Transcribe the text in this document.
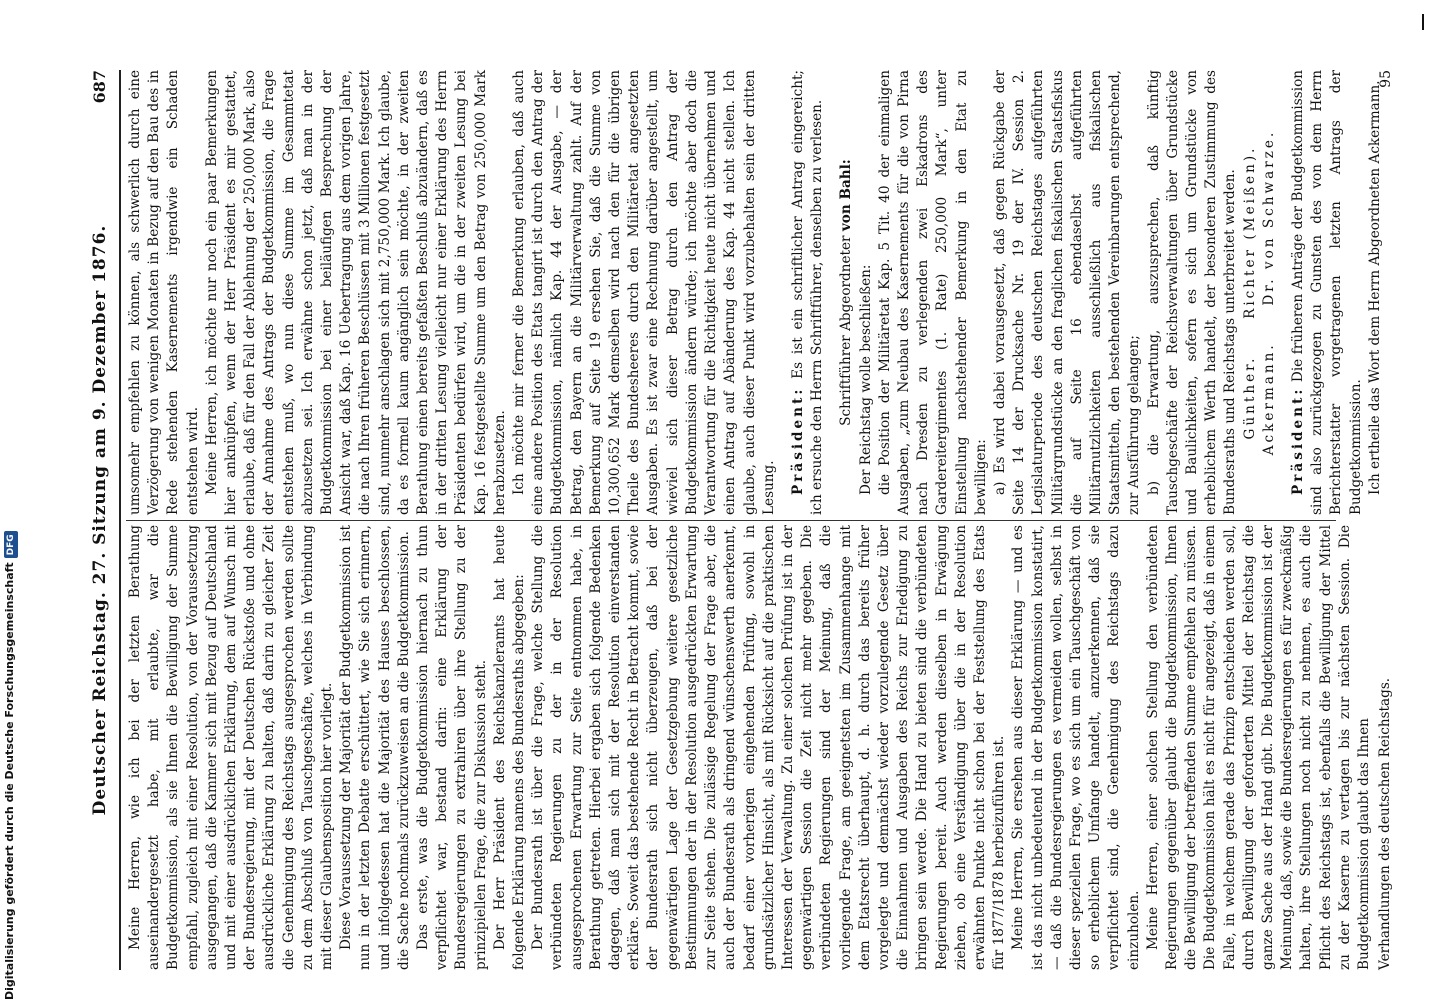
Digitalisierung gefördert durch die Deutsche ForschungsgemeinschaftDFG	Deutscher Reichstag. 27. Sitzung am 9. Dezember 1876.
687

Meine Herren, wie ich bei der letzten Berathung auseinandergesetzt habe, mit erlaubte, war die Budgetkommission, als sie Ihnen die Bewilligung der Summe empfahl, zugleich mit einer Resolution, von der Voraussetzung ausgegangen, daß die Kammer sich mit Bezug auf Deutschland und mit einer ausdrücklichen Erklärung, dem auf Wunsch mit der Bundesregierung, mit der Deutschen Rückstoße und ohne ausdrückliche Erklärung zu halten, daß darin zu gleicher Zeit die Genehmigung des Reichstags ausgesprochen werden sollte zu dem Abschluß von Tauschgeschäfte, welches in Verbindung mit dieser Glaubensposition hier vorliegt. Diese Voraussetzung der Majorität der Budgetkommission ist nun in der letzten Debatte erschüttert, wie Sie sich erinnern, und infolgedessen hat die Majorität des Hauses beschlossen, die Sache nochmals zurückzuweisen an die Budgetkommission. Das erste, was die Budgetkommission hiernach zu thun verpflichtet war, bestand darin: eine Erklärung der Bundesregierungen zu extrahiren über ihre Stellung zu der prinzipiellen Frage, die zur Diskussion steht. Der Herr Präsident des Reichskanzleramts hat heute folgende Erklärung namens des Bundesraths abgegeben: Der Bundesrath ist über die Frage, welche Stellung die verbündeten Regierungen zu der in der Resolution ausgesprochenen Erwartung zur Seite entnommen habe, in Berathung getreten. Hierbei ergaben sich folgende Bedenken dagegen, daß man sich mit der Resolution einverstanden erkläre. Soweit das bestehende Recht in Betracht kommt, sowie der Bundesrath sich nicht überzeugen, daß bei der gegenwärtigen Lage der Gesetzgebung weitere gesetzliche Bestimmungen der in der Resolution ausgedrückten Erwartung zur Seite stehen. Die zulässige Regelung der Frage aber, die auch der Bundesrath als dringend wünschenswerth anerkennt, bedarf einer vorherigen eingehenden Prüfung, sowohl in grundsätzlicher Hinsicht, als mit Rücksicht auf die praktischen Interessen der Verwaltung. Zu einer solchen Prüfung ist in der gegenwärtigen Session die Zeit nicht mehr gegeben. Die verbündeten Regierungen sind der Meinung, daß die vorliegende Frage, am geeignetsten im Zusammenhange mit dem Etatsrecht überhaupt, d. h. durch das bereits früher vorgelegte und demnächst wieder vorzulegende Gesetz über die Einnahmen und Ausgaben des Reichs zur Erledigung zu bringen sein werde. Die Hand zu bieten sind die verbündeten Regierungen bereit. Auch werden dieselben in Erwägung ziehen, ob eine Verständigung über die in der Resolution erwähnten Punkte nicht schon bei der Feststellung des Etats für 1877/1878 herbeizuführen ist. Meine Herren, Sie ersehen aus dieser Erklärung — und es ist das nicht unbedeutend in der Budgetkommission konstatirt, — daß die Bundesregierungen es vermeiden wollen, selbst in dieser speziellen Frage, wo es sich um ein Tauschgeschäft von so erheblichem Umfange handelt, anzuerkennen, daß sie verpflichtet sind, die Genehmigung des Reichstags dazu einzuholen. Meine Herren, einer solchen Stellung den verbündeten Regierungen gegenüber glaubt die Budgetkommission, Ihnen die Bewilligung der betreffenden Summe empfehlen zu müssen. Die Budgetkommission hält es nicht für angezeigt, daß in einem Falle, in welchem gerade das Prinzip entschieden werden soll, durch Bewilligung der geforderten Mittel der Reichstag die ganze Sache aus der Hand gibt. Die Budgetkommission ist der Meinung, daß, sowie die Bundesregierungen es für zweckmäßig halten, ihre Stellungen noch nicht zu nehmen, es auch die Pflicht des Reichstags ist, ebenfalls die Bewilligung der Mittel zu der Kaserne zu vertagen bis zur nächsten Session. Die Budgetkommission glaubt das Ihnen Verhandlungen des deutschen Reichstags.

umsomehr empfehlen zu können, als schwerlich durch eine Verzögerung von wenigen Monaten in Bezug auf den Bau des in Rede stehenden Kasernements irgendwie ein Schaden entstehen wird. Meine Herren, ich möchte nur noch ein paar Bemerkungen hier anknüpfen, wenn der Herr Präsident es mir gestattet, erlaube, daß für den Fall der Ablehnung der 250,000 Mark, also der Annahme des Antrags der Budgetkommission, die Frage entstehen muß, wo nun diese Summe im Gesammtetat abzusetzen sei. Ich erwähne schon jetzt, daß man in der Budgetkommission bei einer beiläufigen Besprechung der Ansicht war, daß Kap. 16 Uebertragung aus dem vorigen Jahre, die nach Ihren früheren Beschlüssen mit 3 Millionen festgesetzt sind, nunmehr anschlagen sich mit 2,750,000 Mark. Ich glaube, da es formell kaum angänglich sein möchte, in der zweiten Berathung einen bereits gefaßten Beschluß abzuändern, daß es in der dritten Lesung vielleicht nur einer Erklärung des Herrn Präsidenten bedürfen wird, um die in der zweiten Lesung bei Kap. 16 festgestellte Summe um den Betrag von 250,000 Mark herabzusetzen. Ich möchte mir ferner die Bemerkung erlauben, daß auch eine andere Position des Etats tangirt ist durch den Antrag der Budgetkommission, nämlich Kap. 44 der Ausgabe, — der Betrag, den Bayern an die Militärverwaltung zahlt. Auf der Bemerkung auf Seite 19 ersehen Sie, daß die Summe von 10,300,652 Mark demselben wird nach den für die übrigen Theile des Bundesheeres durch den Militäretat angesetzten Ausgaben. Es ist zwar eine Rechnung darüber angestellt, um wieviel sich dieser Betrag durch den Antrag der Budgetkommission ändern würde; ich möchte aber doch die Verantwortung für die Richtigkeit heute nicht übernehmen und einen Antrag auf Abänderung des Kap. 44 nicht stellen. Ich glaube, auch dieser Punkt wird vorzubehalten sein der dritten Lesung. Präsident: Es ist ein schriftlicher Antrag eingereicht; ich ersuche den Herrn Schriftführer, denselben zu verlesen. Schriftführer Abgeordneter von Bahl:

Der Reichstag wolle beschließen: die Position der Militäretat Kap. 5 Tit. 40 der einmaligen Ausgaben, „zum Neubau des Kasernements für die von Pirna nach Dresden zu verlegenden zwei Eskadrons des Gardereitergimentes (1. Rate) 250,000 Mark“, unter Einstellung nachstehender Bemerkung in den Etat zu bewilligen: a) Es wird dabei vorausgesetzt, daß gegen Rückgabe der Seite 14 der Drucksache Nr. 19 der IV. Session 2. Legislaturperiode des deutschen Reichstages aufgeführten Militärgrundstücke an den fraglichen fiskalischen Staatsfiskus die auf Seite 16 ebendaselbst aufgeführten Militärnutzlichkeiten ausschließlich aus fiskalischen Staatsmitteln, den bestehenden Vereinbarungen entsprechend, zur Ausführung gelangen; b) die Erwartung, auszusprechen, daß künftig Tauschgeschäfte der Reichsverwaltungen über Grundstücke und Baulichkeiten, sofern es sich um Grundstücke von erheblichem Werth handelt, der besonderen Zustimmung des Bundesraths und Reichstags unterbreitet werden. Günther.     Richter (Meißen).

Ackermann.     Dr. von Schwarze.

Präsident: Die früheren Anträge der Budgetkommission sind also zurückgezogen zu Gunsten des von dem Herrn Berichterstatter vorgetragenen letzten Antrags der Budgetkommission. Ich ertheile das Wort dem Herrn Abgeordneten Ackermann.

95
